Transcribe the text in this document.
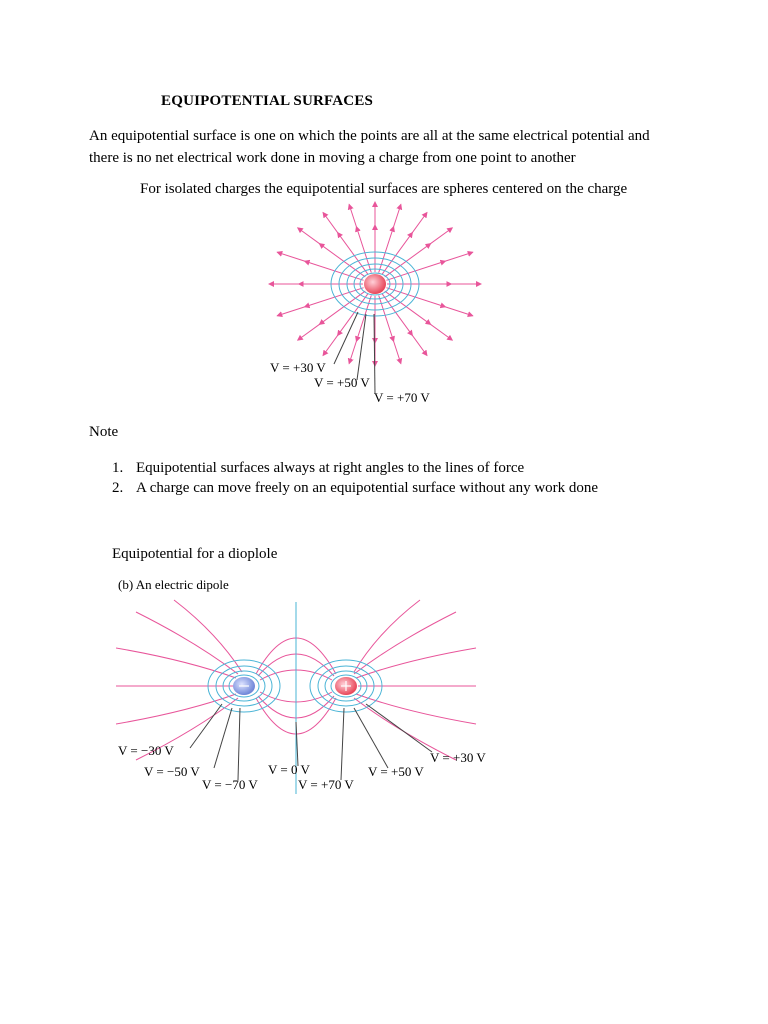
EQUIPOTENTIAL SURFACES

An equipotential surface is one on which the points are all at the same electrical potential and

there is no net electrical work done in moving a charge from one point to another

For isolated charges the equipotential surfaces are spheres centered on the charge
V = +30 V
V = +50 V
V = +70 V
Note
1. Equipotential surfaces always at right angles to the lines of force
2. A charge can move freely on an equipotential surface without any work done
Equipotential for a dioplole
(b) An electric dipole
V = −30 V
V = −50 V
V = −70 V
V = 0 V
V = +70 V
V = +50 V
V = +30 V
